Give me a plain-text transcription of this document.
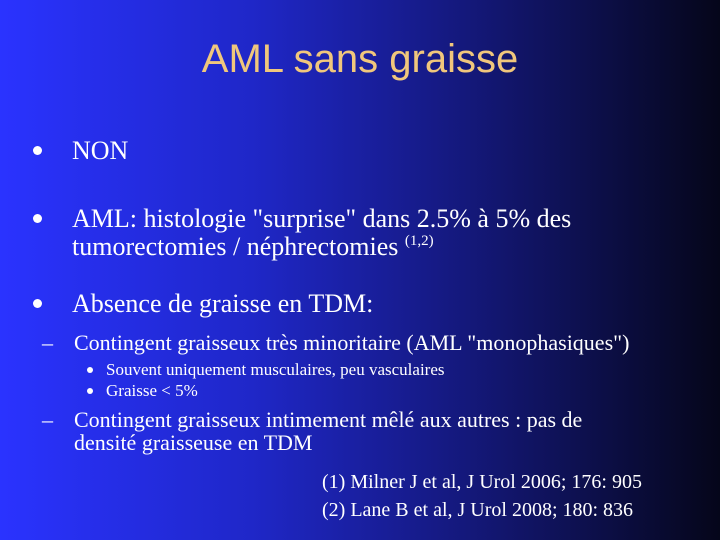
AML sans graisse
NON
AML: histologie "surprise" dans 2.5% à 5% des
tumorectomies / néphrectomies $^{(1,2)}$
Absence de graisse en TDM:
– Contingent graisseux très minoritaire (AML "monophasiques")
Souvent uniquement musculaires, peu vasculaires
Graisse < 5%
– Contingent graisseux intimement mêlé aux autres : pas de
densité graisseuse en TDM
(1) Milner J et al, J Urol 2006; 176: 905
(2) Lane B et al, J Urol 2008; 180: 836
